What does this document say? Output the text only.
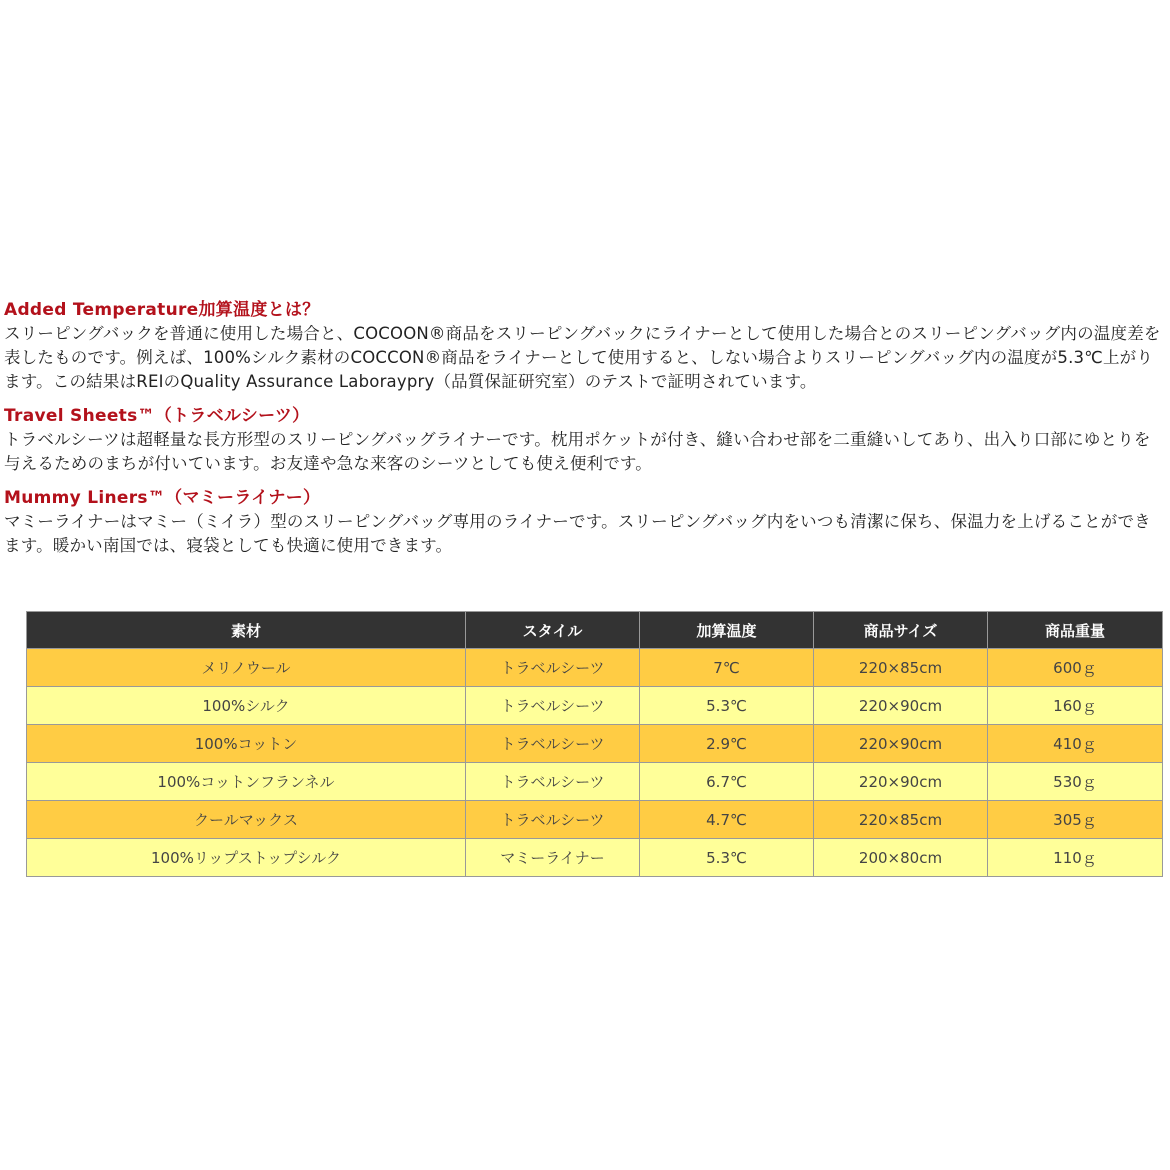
Added Temperature加算温度とは？

スリーピングバックを普通に使用した場合と、COCOON®商品をスリーピングバックにライナーとして使用した場合とのスリーピングバッグ内の温度差を表したものです。例えば、100%シルク素材のCOCCON®商品をライナーとして使用すると、しない場合よりスリーピングバッグ内の温度が5.3℃上がります。この結果はREIのQuality Assurance Laboraypry（品質保証研究室）のテストで証明されています。

Travel Sheets™（トラベルシーツ）

トラベルシーツは超軽量な長方形型のスリーピングバッグライナーです。枕用ポケットが付き、縫い合わせ部を二重縫いしてあり、出入り口部にゆとりを与えるためのまちが付いています。お友達や急な来客のシーツとしても使え便利です。

Mummy Liners™（マミーライナー）

マミーライナーはマミー（ミイラ）型のスリーピングバッグ専用のライナーです。スリーピングバッグ内をいつも清潔に保ち、保温力を上げることができます。暖かい南国では、寝袋としても快適に使用できます。

素材	スタイル	加算温度	商品サイズ	商品重量
メリノウール	トラベルシーツ	7℃	220×85cm	600ｇ
100%シルク	トラベルシーツ	5.3℃	220×90cm	160ｇ
100%コットン	トラベルシーツ	2.9℃	220×90cm	410ｇ
100%コットンフランネル	トラベルシーツ	6.7℃	220×90cm	530ｇ
クールマックス	トラベルシーツ	4.7℃	220×85cm	305ｇ
100%リップストップシルク	マミーライナー	5.3℃	200×80cm	110ｇ
